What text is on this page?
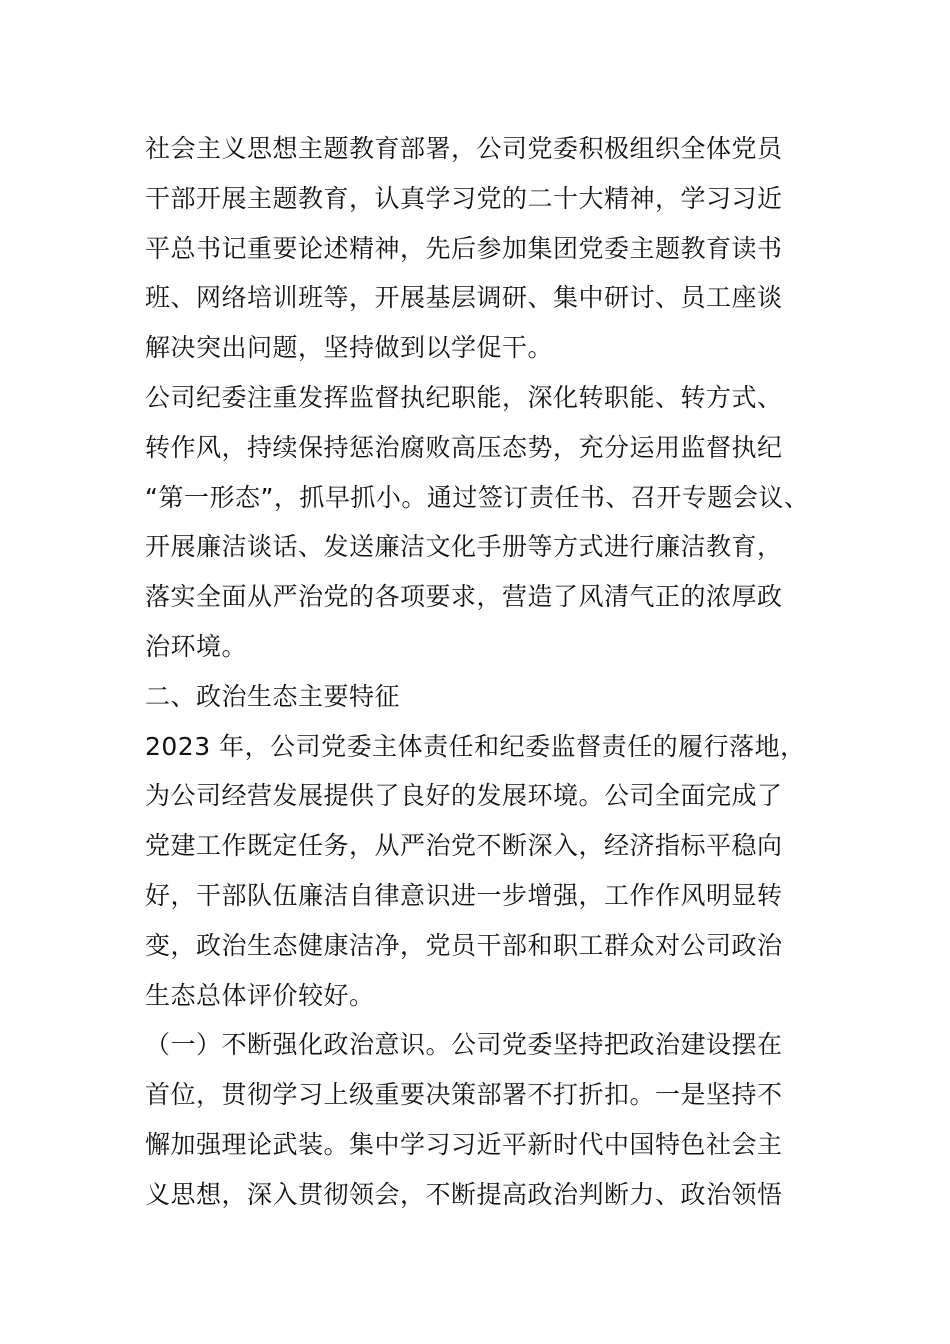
社会主义思想主题教育部署，公司党委积极组织全体党员
干部开展主题教育，认真学习党的二十大精神，学习习近
平总书记重要论述精神，先后参加集团党委主题教育读书
班、网络培训班等，开展基层调研、集中研讨、员工座谈
解决突出问题，坚持做到以学促干。
公司纪委注重发挥监督执纪职能，深化转职能、转方式、
转作风，持续保持惩治腐败高压态势，充分运用监督执纪
“第一形态”，抓早抓小。通过签订责任书、召开专题会议、
开展廉洁谈话、发送廉洁文化手册等方式进行廉洁教育，
落实全面从严治党的各项要求，营造了风清气正的浓厚政
治环境。
二、政治生态主要特征
2023 年，公司党委主体责任和纪委监督责任的履行落地，
为公司经营发展提供了良好的发展环境。公司全面完成了
党建工作既定任务，从严治党不断深入，经济指标平稳向
好，干部队伍廉洁自律意识进一步增强，工作作风明显转
变，政治生态健康洁净，党员干部和职工群众对公司政治
生态总体评价较好。
（一）不断强化政治意识。公司党委坚持把政治建设摆在
首位，贯彻学习上级重要决策部署不打折扣。一是坚持不
懈加强理论武装。集中学习习近平新时代中国特色社会主
义思想，深入贯彻领会，不断提高政治判断力、政治领悟
